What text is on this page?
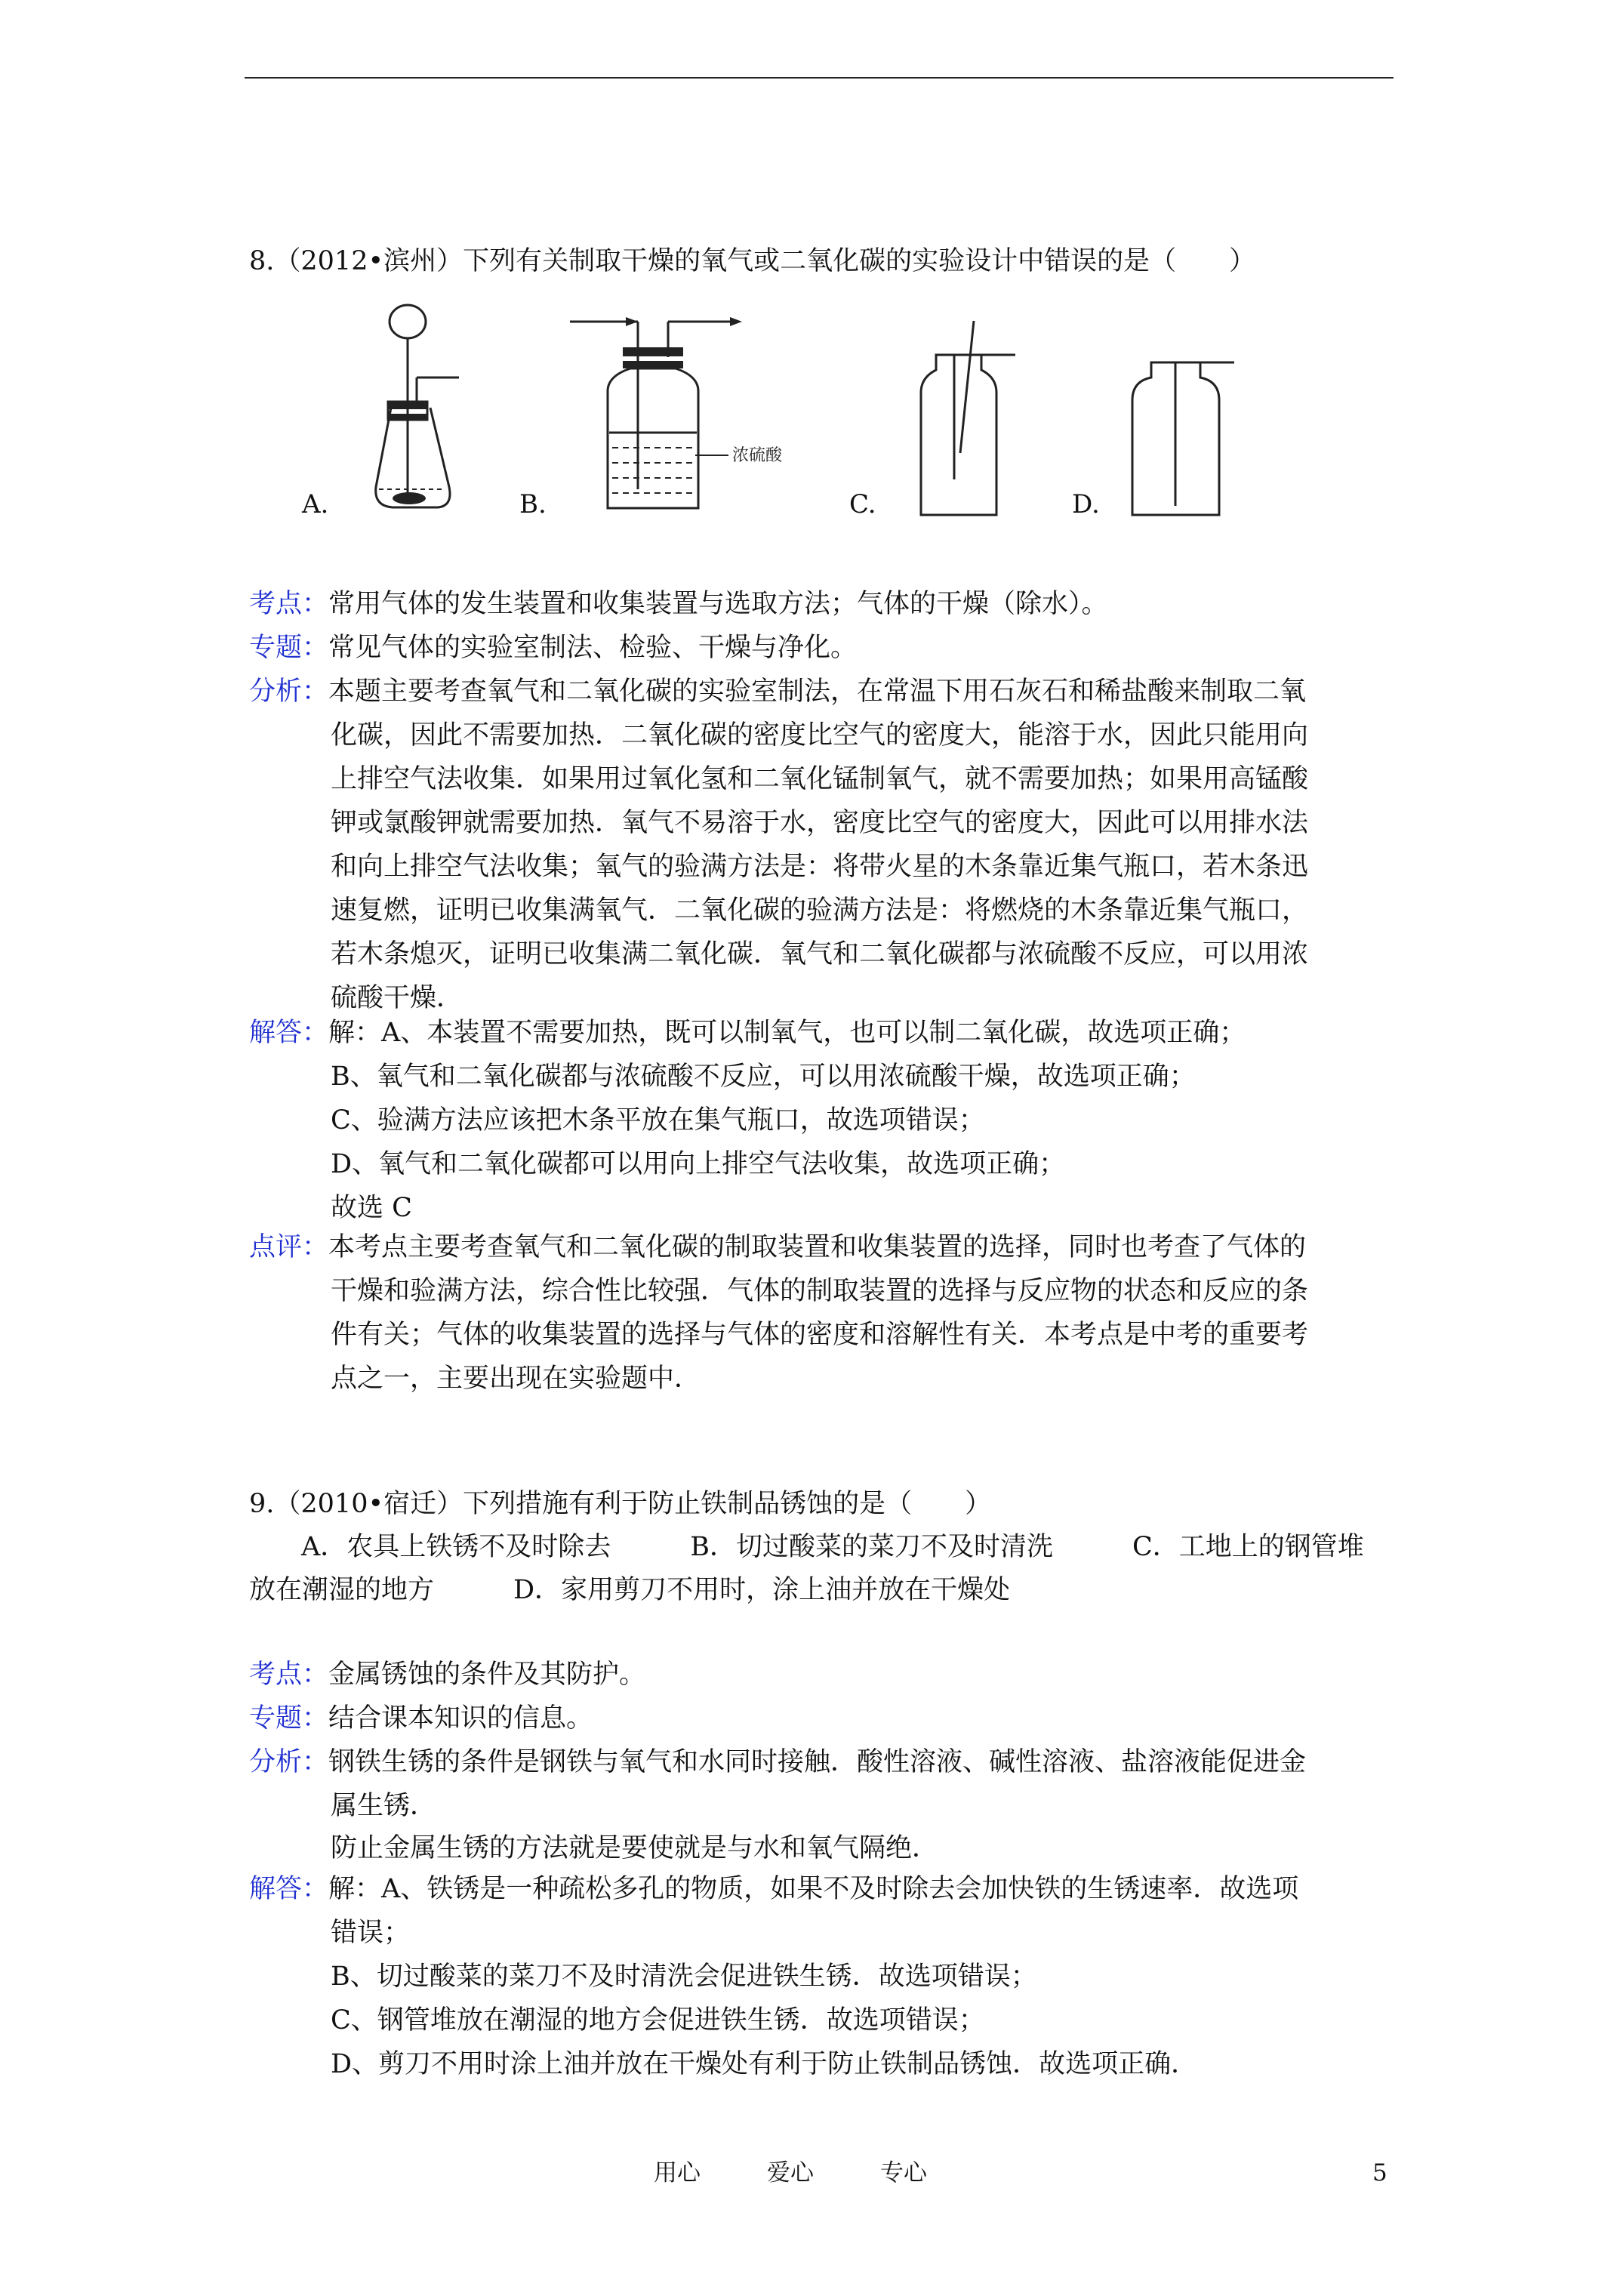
8.（2012•滨州）下列有关制取干燥的氧气或二氧化碳的实验设计中错误的是（　　）
浓硫酸
A.	B.	C.	D.
考点：常用气体的发生装置和收集装置与选取方法；气体的干燥（除水）。
专题：常见气体的实验室制法、检验、干燥与净化。
分析：本题主要考查氧气和二氧化碳的实验室制法，在常温下用石灰石和稀盐酸来制取二氧
化碳，因此不需要加热．二氧化碳的密度比空气的密度大，能溶于水，因此只能用向
上排空气法收集．如果用过氧化氢和二氧化锰制氧气，就不需要加热；如果用高锰酸
钾或氯酸钾就需要加热．氧气不易溶于水，密度比空气的密度大，因此可以用排水法
和向上排空气法收集；氧气的验满方法是：将带火星的木条靠近集气瓶口，若木条迅
速复燃，证明已收集满氧气．二氧化碳的验满方法是：将燃烧的木条靠近集气瓶口，
若木条熄灭，证明已收集满二氧化碳．氧气和二氧化碳都与浓硫酸不反应，可以用浓
硫酸干燥．
解答：解：A、本装置不需要加热，既可以制氧气，也可以制二氧化碳，故选项正确；
B、氧气和二氧化碳都与浓硫酸不反应，可以用浓硫酸干燥，故选项正确；
C、验满方法应该把木条平放在集气瓶口，故选项错误；
D、氧气和二氧化碳都可以用向上排空气法收集，故选项正确；
故选 C
点评：本考点主要考查氧气和二氧化碳的制取装置和收集装置的选择，同时也考查了气体的
干燥和验满方法，综合性比较强．气体的制取装置的选择与反应物的状态和反应的条
件有关；气体的收集装置的选择与气体的密度和溶解性有关．本考点是中考的重要考
点之一，主要出现在实验题中．
9.（2010•宿迁）下列措施有利于防止铁制品锈蚀的是（　　）
A．农具上铁锈不及时除去　　　B．切过酸菜的菜刀不及时清洗　　　C．工地上的钢管堆
放在潮湿的地方　　　D．家用剪刀不用时，涂上油并放在干燥处
考点：金属锈蚀的条件及其防护。
专题：结合课本知识的信息。
分析：钢铁生锈的条件是钢铁与氧气和水同时接触．酸性溶液、碱性溶液、盐溶液能促进金
属生锈．
防止金属生锈的方法就是要使就是与水和氧气隔绝．
解答：解：A、铁锈是一种疏松多孔的物质，如果不及时除去会加快铁的生锈速率．故选项
错误；
B、切过酸菜的菜刀不及时清洗会促进铁生锈．故选项错误；
C、钢管堆放在潮湿的地方会促进铁生锈．故选项错误；
D、剪刀不用时涂上油并放在干燥处有利于防止铁制品锈蚀．故选项正确．
用心	爱心	专心	5
